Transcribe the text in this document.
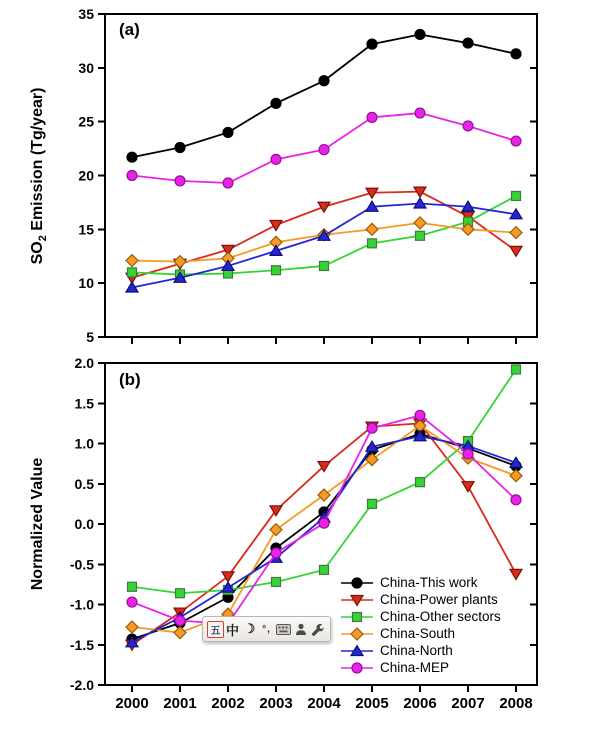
5
10
15
20
25
30
35
-2.0
-1.5
-1.0
-0.5
0.0
0.5
1.0
1.5
2.0
2000 2001 2002 2003 2004 2005 2006 2007 2008
(a)
(b)
$SO_2$ Emission (Tg/year)
Normalized Value	China-This work
China-Power plants
China-Other sectors
China-South
China-North
China-MEP
五 中 ☽ °,
